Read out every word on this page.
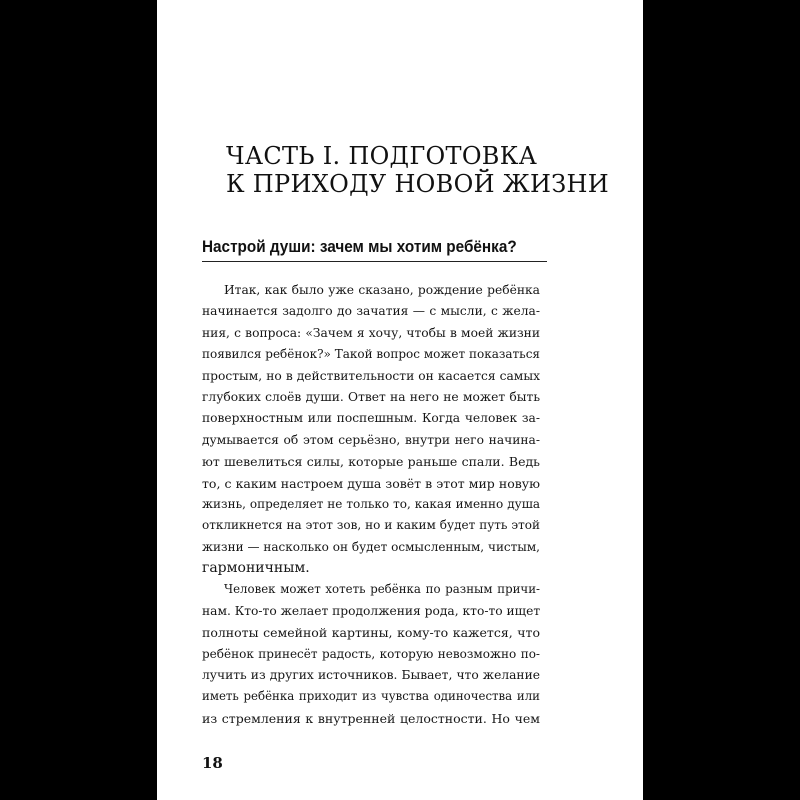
ЧАСТЬ I. ПОДГОТОВКА
К ПРИХОДУ НОВОЙ ЖИЗНИ
Настрой души: зачем мы хотим ребёнка?
Итак, как было уже сказано, рождение ребёнка
начинается задолго до зачатия — с мысли, с жела-
ния, с вопроса: «Зачем я хочу, чтобы в моей жизни
появился ребёнок?» Такой вопрос может показаться
простым, но в действительности он касается самых
глубоких слоёв души. Ответ на него не может быть
поверхностным или поспешным. Когда человек за-
думывается об этом серьёзно, внутри него начина-
ют шевелиться силы, которые раньше спали. Ведь
то, с каким настроем душа зовёт в этот мир новую
жизнь, определяет не только то, какая именно душа
откликнется на этот зов, но и каким будет путь этой
жизни — насколько он будет осмысленным, чистым,
гармоничным.
Человек может хотеть ребёнка по разным причи-
нам. Кто-то желает продолжения рода, кто-то ищет
полноты семейной картины, кому-то кажется, что
ребёнок принесёт радость, которую невозможно по-
лучить из других источников. Бывает, что желание
иметь ребёнка приходит из чувства одиночества или
из стремления к внутренней целостности. Но чем
18
